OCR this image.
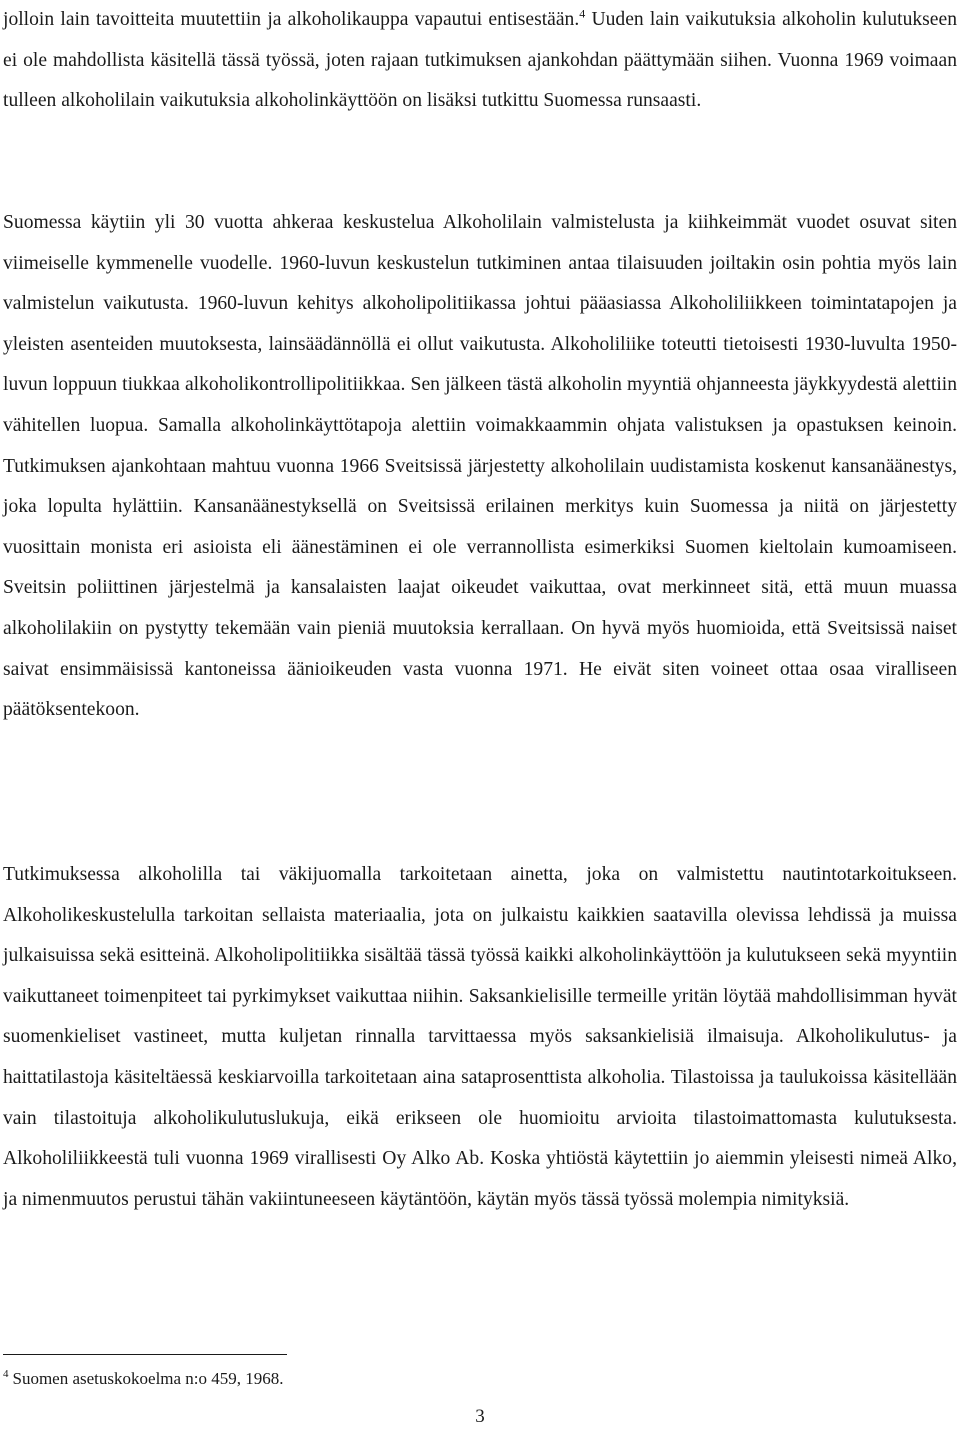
jolloin lain tavoitteita muutettiin ja alkoholikauppa vapautui entisestään.$^4$ Uuden lain vaikutuksia alkoholin kulutukseen ei ole mahdollista käsitellä tässä työssä, joten rajaan tutkimuksen ajankohdan päättymään siihen. Vuonna 1969 voimaan tulleen alkoholilain vaikutuksia alkoholinkäyttöön on lisäksi tutkittu Suomessa runsaasti.

Suomessa käytiin yli 30 vuotta ahkeraa keskustelua Alkoholilain valmistelusta ja kiihkeimmät vuodet osuvat siten viimeiselle kymmenelle vuodelle. 1960-luvun keskustelun tutkiminen antaa tilaisuuden joiltakin osin pohtia myös lain valmistelun vaikutusta. 1960-luvun kehitys alkoholipolitiikassa johtui pääasiassa Alkoholiliikkeen toimintatapojen ja yleisten asenteiden muutoksesta, lainsäädännöllä ei ollut vaikutusta. Alkoholiliike toteutti tietoisesti 1930-luvulta 1950-luvun loppuun tiukkaa alkoholikontrollipolitiikkaa. Sen jälkeen tästä alkoholin myyntiä ohjanneesta jäykkyydestä alettiin vähitellen luopua. Samalla alkoholinkäyttötapoja alettiin voimakkaammin ohjata valistuksen ja opastuksen keinoin. Tutkimuksen ajankohtaan mahtuu vuonna 1966 Sveitsissä järjestetty alkoholilain uudistamista koskenut kansanäänestys, joka lopulta hylättiin. Kansanäänestyksellä on Sveitsissä erilainen merkitys kuin Suomessa ja niitä on järjestetty vuosittain monista eri asioista eli äänestäminen ei ole verrannollista esimerkiksi Suomen kieltolain kumoamiseen. Sveitsin poliittinen järjestelmä ja kansalaisten laajat oikeudet vaikuttaa, ovat merkinneet sitä, että muun muassa alkoholilakiin on pystytty tekemään vain pieniä muutoksia kerrallaan. On hyvä myös huomioida, että Sveitsissä naiset saivat ensimmäisissä kantoneissa äänioikeuden vasta vuonna 1971. He eivät siten voineet ottaa osaa viralliseen päätöksentekoon.

Tutkimuksessa alkoholilla tai väkijuomalla tarkoitetaan ainetta, joka on valmistettu nautintotarkoitukseen. Alkoholikeskustelulla tarkoitan sellaista materiaalia, jota on julkaistu kaikkien saatavilla olevissa lehdissä ja muissa julkaisuissa sekä esitteinä. Alkoholipolitiikka sisältää tässä työssä kaikki alkoholinkäyttöön ja kulutukseen sekä myyntiin vaikuttaneet toimenpiteet tai pyrkimykset vaikuttaa niihin. Saksankielisille termeille yritän löytää mahdollisimman hyvät suomenkieliset vastineet, mutta kuljetan rinnalla tarvittaessa myös saksankielisiä ilmaisuja. Alkoholikulutus- ja haittatilastoja käsiteltäessä keskiarvoilla tarkoitetaan aina sataprosenttista alkoholia. Tilastoissa ja taulukoissa käsitellään vain tilastoituja alkoholikulutuslukuja, eikä erikseen ole huomioitu arvioita tilastoimattomasta kulutuksesta. Alkoholiliikkeestä tuli vuonna 1969 virallisesti Oy Alko Ab. Koska yhtiöstä käytettiin jo aiemmin yleisesti nimeä Alko, ja nimenmuutos perustui tähän vakiintuneeseen käytäntöön, käytän myös tässä työssä molempia nimityksiä.

$^4$ Suomen asetuskokoelma n:o 459, 1968.

3
